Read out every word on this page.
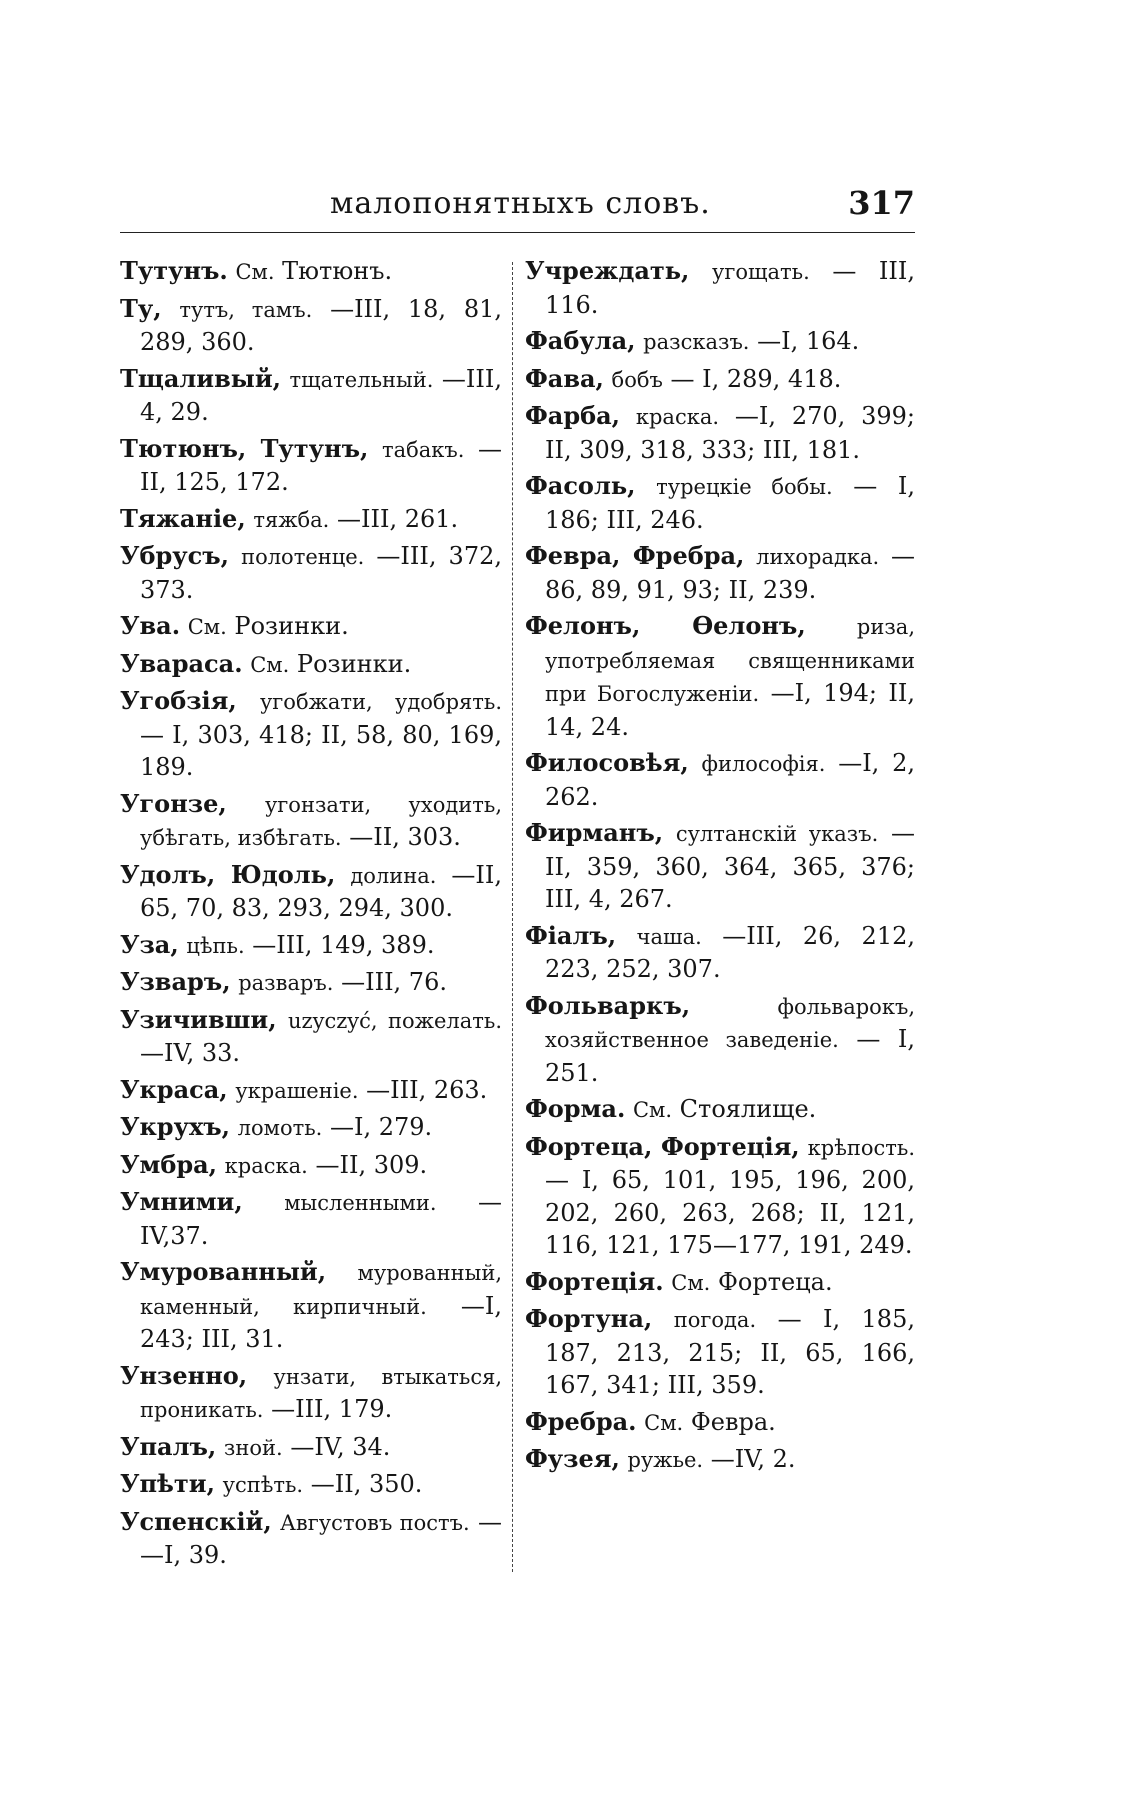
малопонятныхъ словъ.	317

Тутунъ. См. Тютюнъ.

Ту, тутъ, тамъ. —III, 18, 81, 289, 360.

Тщаливый, тщательный. —III, 4, 29.

Тютюнъ, Тутунъ, табакъ. — II, 125, 172.

Тяжаніе, тяжба. —III, 261.

Убрусъ, полотенце. —III, 372, 373.

Ува. См. Розинки.

Увараса. См. Розинки.

Угобзія, угобжати, удобрять. — I, 303, 418; II, 58, 80, 169, 189.

Угонзе, угонзати, уходить, убѣгать, избѣгать. —II, 303.

Удолъ, Юдоль, долина. —II, 65, 70, 83, 293, 294, 300.

Уза, цѣпь. —III, 149, 389.

Узваръ, разваръ. —III, 76.

Узичивши, uzyczyć, пожелать. —IV, 33.

Украса, украшеніе. —III, 263.

Укрухъ, ломоть. —I, 279.

Умбра, краска. —II, 309.

Умними, мысленными. —IV,37.

Умурованный, мурованный, каменный, кирпичный. —I, 243; III, 31.

Унзенно, унзати, втыкаться, проникать. —III, 179.

Упалъ, зной. —IV, 34.

Упѣти, успѣть. —II, 350.

Успенскій, Августовъ постъ. — —I, 39.

Учреждать, угощать. — III, 116.

Фабула, разсказъ. —I, 164.

Фава, бобъ — I, 289, 418.

Фарба, краска. —I, 270, 399; II, 309, 318, 333; III, 181.

Фасоль, турецкіе бобы. — I, 186; III, 246.

Февра, Фребра, лихорадка. — 86, 89, 91, 93; II, 239.

Фелонъ, Ѳелонъ, риза, употребляемая священниками при Богослуженіи. —I, 194; II, 14, 24.

Филосовѣя, философія. —I, 2, 262.

Фирманъ, султанскій указъ. — II, 359, 360, 364, 365, 376; III, 4, 267.

Фіалъ, чаша. —III, 26, 212, 223, 252, 307.

Фольваркъ,	фольварокъ, хозяйственное заведеніе. — I, 251.

Форма. См. Стоялище.

Фортеца, Фортеція, крѣпость. — I, 65, 101, 195, 196, 200, 202, 260, 263, 268; II, 121, 116, 121, 175—177, 191, 249.

Фортеція. См. Фортеца.

Фортуна, погода. — I, 185, 187, 213, 215; II, 65, 166, 167, 341; III, 359.

Фребра. См. Февра.

Фузея, ружье. —IV, 2.
